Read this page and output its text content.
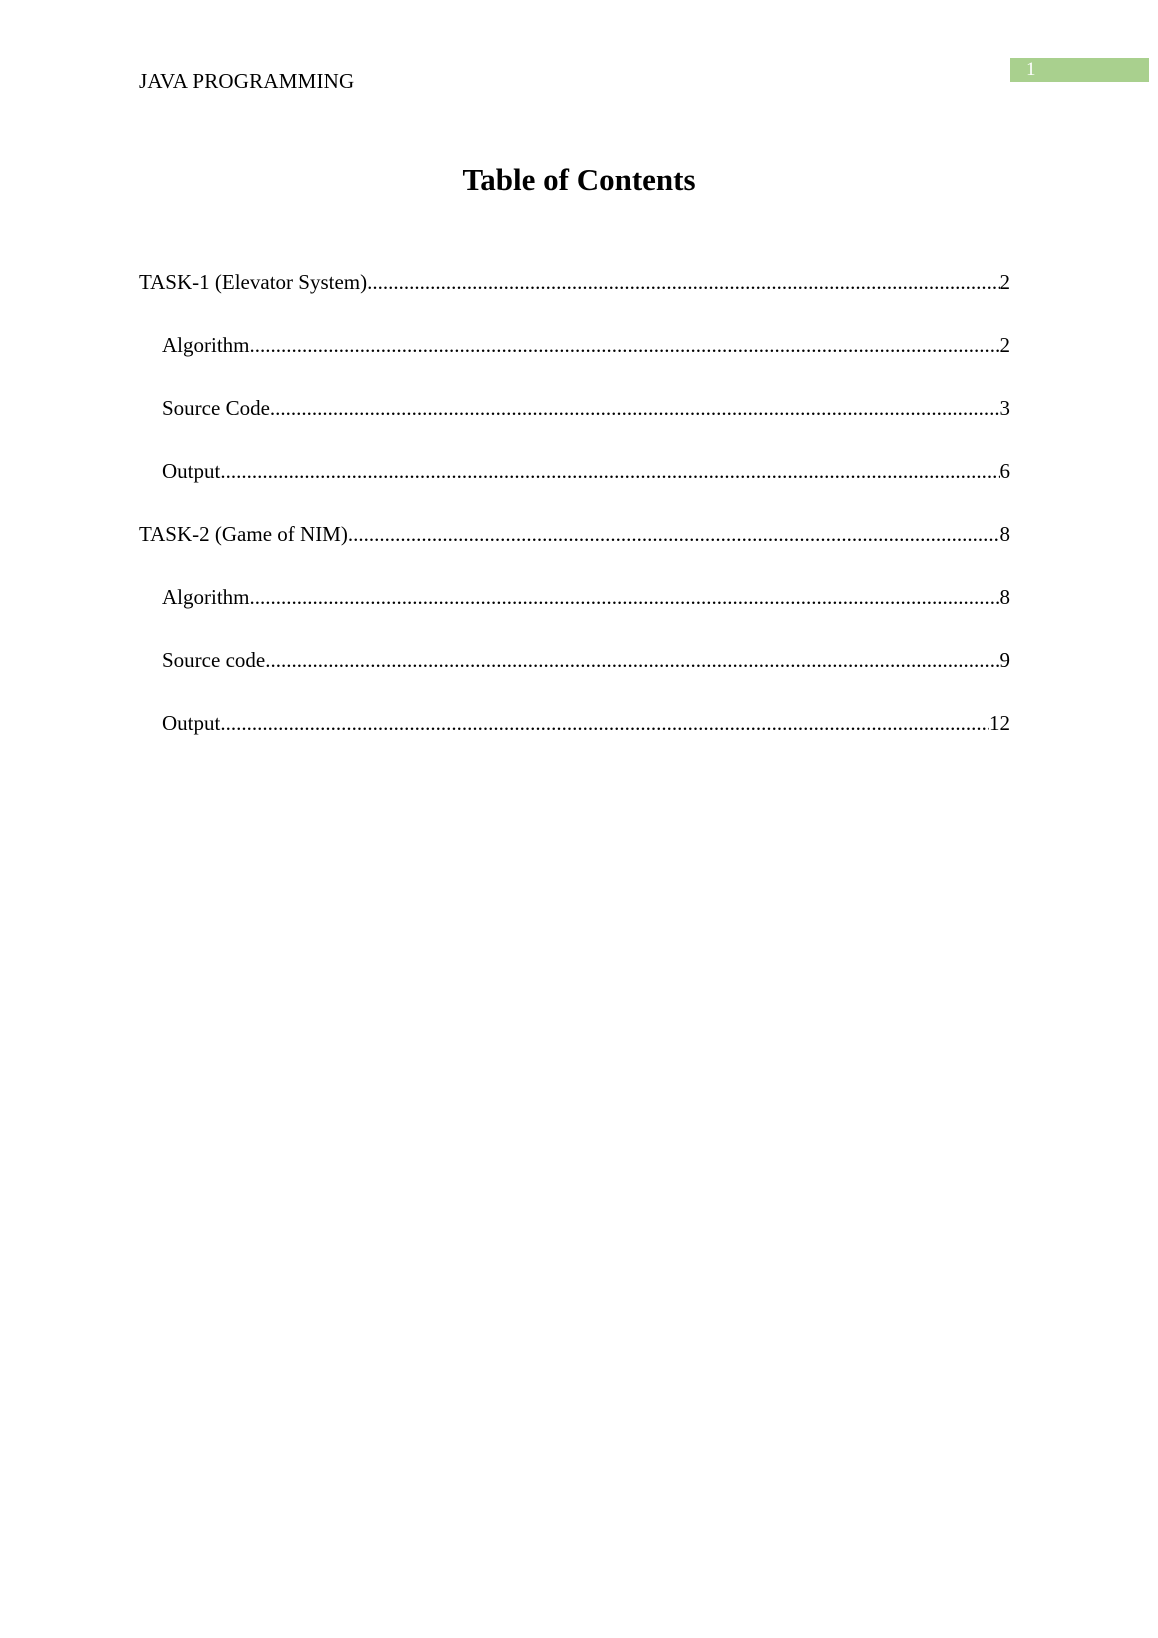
1
JAVA PROGRAMMING
Table of Contents
TASK-1 (Elevator System) .....	2
Algorithm .....	2
Source Code .....	3
Output .....	6
TASK-2 (Game of NIM) .....	8
Algorithm .....	8
Source code .....	9
Output .....	12
